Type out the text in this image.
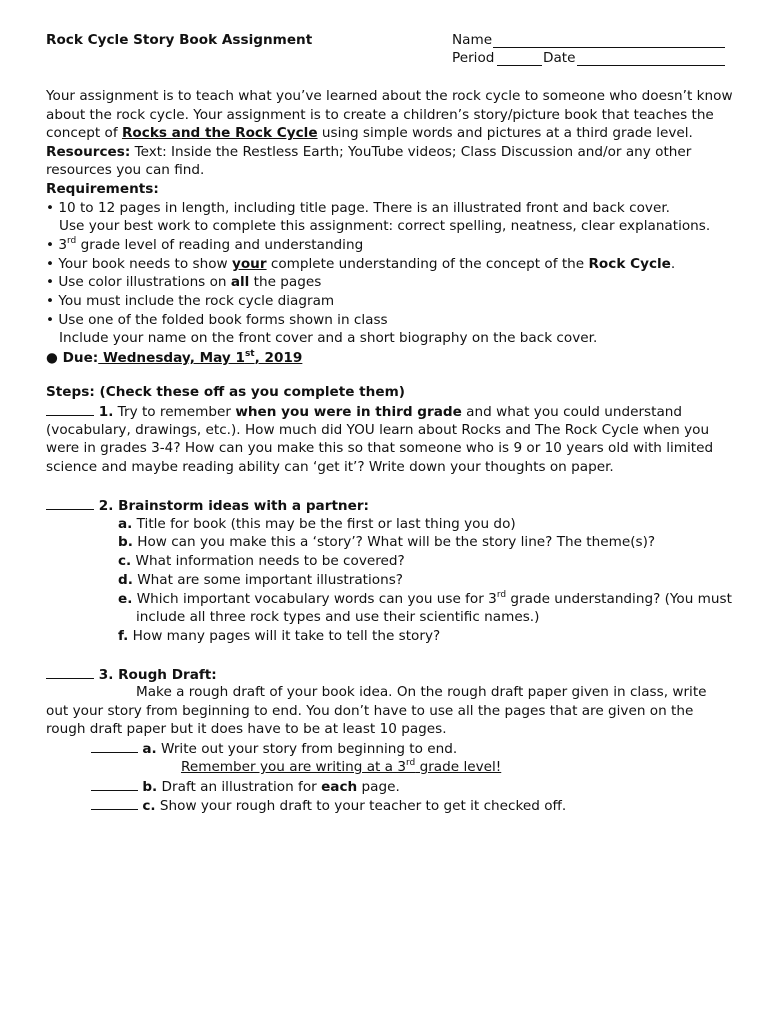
Rock Cycle Story Book Assignment	Name
Period	Date
Your assignment is to teach what you’ve learned about the rock cycle to someone who doesn’t know
about the rock cycle. Your assignment is to create a children’s story/picture book that teaches the
concept of Rocks and the Rock Cycle using simple words and pictures at a third grade level.
Resources: Text: Inside the Restless Earth; YouTube videos; Class Discussion and/or any other
resources you can find.
Requirements:
• 10 to 12 pages in length, including title page. There is an illustrated front and back cover.
Use your best work to complete this assignment: correct spelling, neatness, clear explanations.
• 3rd grade level of reading and understanding
• Your book needs to show your complete understanding of the concept of the Rock Cycle.
• Use color illustrations on all the pages
• You must include the rock cycle diagram
• Use one of the folded book forms shown in class
Include your name on the front cover and a short biography on the back cover.
● Due: Wednesday, May 1st, 2019
Steps: (Check these off as you complete them)
1. Try to remember when you were in third grade and what you could understand
(vocabulary, drawings, etc.). How much did YOU learn about Rocks and The Rock Cycle when you
were in grades 3-4? How can you make this so that someone who is 9 or 10 years old with limited
science and maybe reading ability can ‘get it’? Write down your thoughts on paper.
2. Brainstorm ideas with a partner:
a. Title for book (this may be the first or last thing you do)
b. How can you make this a ‘story’? What will be the story line? The theme(s)?
c. What information needs to be covered?
d. What are some important illustrations?
e. Which important vocabulary words can you use for 3rd grade understanding? (You must
include all three rock types and use their scientific names.)
f. How many pages will it take to tell the story?
3. Rough Draft:
Make a rough draft of your book idea. On the rough draft paper given in class, write
out your story from beginning to end. You don’t have to use all the pages that are given on the
rough draft paper but it does have to be at least 10 pages.
a. Write out your story from beginning to end.
Remember you are writing at a 3rd grade level!
b. Draft an illustration for each page.
c. Show your rough draft to your teacher to get it checked off.
